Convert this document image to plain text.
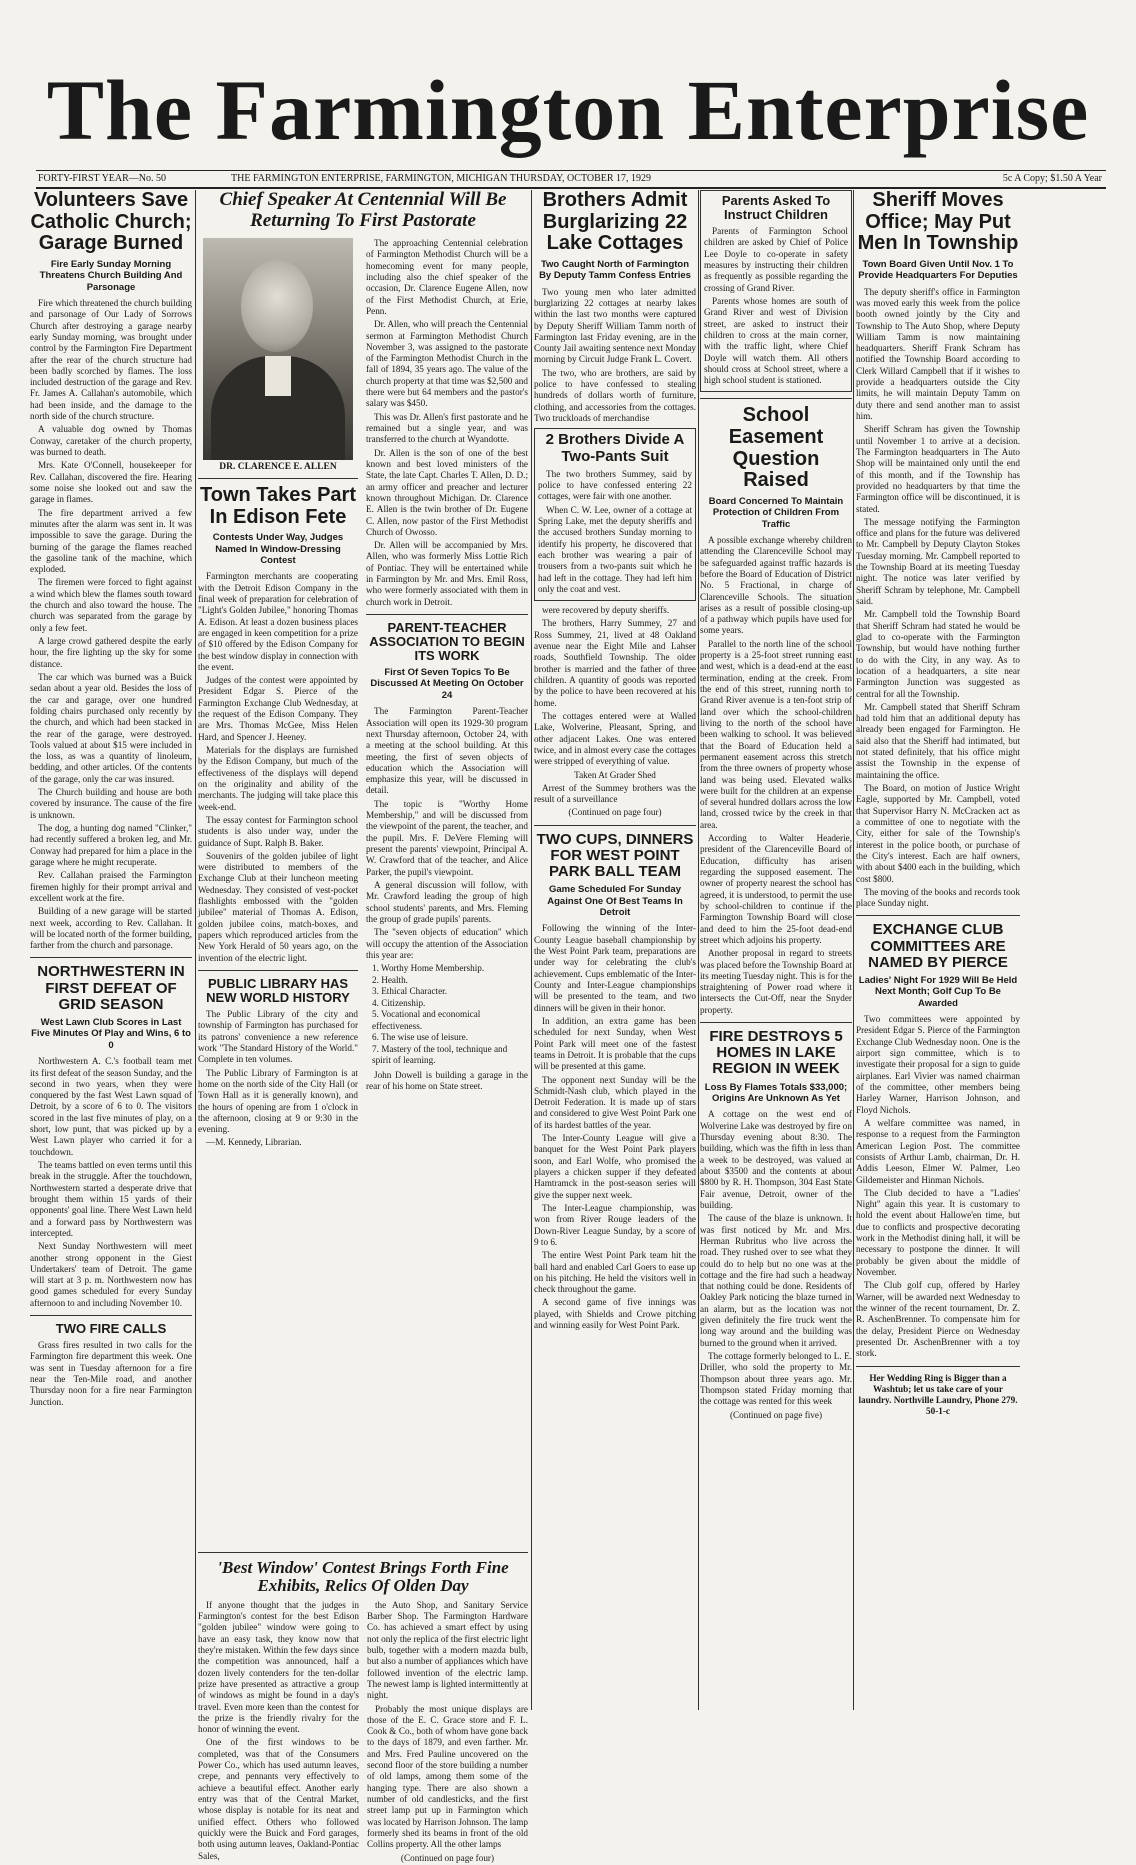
The Farmington Enterprise
FORTY-FIRST YEAR—No. 50	THE FARMINGTON ENTERPRISE, FARMINGTON, MICHIGAN THURSDAY, OCTOBER 17, 1929	5c A Copy; $1.50 A Year
Volunteers Save Catholic Church; Garage Burned
Fire Early Sunday Morning Threatens Church Building And Parsonage

Fire which threatened the church building and parsonage of Our Lady of Sorrows Church after destroying a garage nearby early Sunday morning, was brought under control by the Farmington Fire Department after the rear of the church structure had been badly scorched by flames. The loss included destruction of the garage and Rev. Fr. James A. Callahan's automobile, which had been inside, and the damage to the north side of the church structure.

A valuable dog owned by Thomas Conway, caretaker of the church property, was burned to death.

Mrs. Kate O'Connell, housekeeper for Rev. Callahan, discovered the fire. Hearing some noise she looked out and saw the garage in flames.

The fire department arrived a few minutes after the alarm was sent in. It was impossible to save the garage. During the burning of the garage the flames reached the gasoline tank of the machine, which exploded.

The firemen were forced to fight against a wind which blew the flames south toward the church and also toward the house. The church was separated from the garage by only a few feet.

A large crowd gathered despite the early hour, the fire lighting up the sky for some distance.

The car which was burned was a Buick sedan about a year old. Besides the loss of the car and garage, over one hundred folding chairs purchased only recently by the church, and which had been stacked in the rear of the garage, were destroyed. Tools valued at about $15 were included in the loss, as was a quantity of linoleum, bedding, and other articles. Of the contents of the garage, only the car was insured.

The Church building and house are both covered by insurance. The cause of the fire is unknown.

The dog, a hunting dog named "Clinker," had recently suffered a broken leg, and Mr. Conway had prepared for him a place in the garage where he might recuperate.

Rev. Callahan praised the Farmington firemen highly for their prompt arrival and excellent work at the fire.

Building of a new garage will be started next week, according to Rev. Callahan. It will be located north of the former building, farther from the church and parsonage.

NORTHWESTERN IN FIRST DEFEAT OF GRID SEASON
West Lawn Club Scores in Last Five Minutes Of Play and Wins, 6 to 0

Northwestern A. C.'s football team met its first defeat of the season Sunday, and the second in two years, when they were conquered by the fast West Lawn squad of Detroit, by a score of 6 to 0. The visitors scored in the last five minutes of play, on a short, low punt, that was picked up by a West Lawn player who carried it for a touchdown.

The teams battled on even terms until this break in the struggle. After the touchdown, Northwestern started a desperate drive that brought them within 15 yards of their opponents' goal line. There West Lawn held and a forward pass by Northwestern was intercepted.

Next Sunday Northwestern will meet another strong opponent in the Giest Undertakers' team of Detroit. The game will start at 3 p. m. Northwestern now has good games scheduled for every Sunday afternoon to and including November 10.

TWO FIRE CALLS

Grass fires resulted in two calls for the Farmington fire department this week. One was sent in Tuesday afternoon for a fire near the Ten-Mile road, and another Thursday noon for a fire near Farmington Junction.

Chief Speaker At Centennial Will Be Returning To First Pastorate
DR. CLARENCE E. ALLEN
Town Takes Part In Edison Fete
Contests Under Way, Judges Named In Window-Dressing Contest

Farmington merchants are cooperating with the Detroit Edison Company in the final week of preparation for celebration of "Light's Golden Jubilee," honoring Thomas A. Edison. At least a dozen business places are engaged in keen competition for a prize of $10 offered by the Edison Company for the best window display in connection with the event.

Judges of the contest were appointed by President Edgar S. Pierce of the Farmington Exchange Club Wednesday, at the request of the Edison Company. They are Mrs. Thomas McGee, Miss Helen Hard, and Spencer J. Heeney.

Materials for the displays are furnished by the Edison Company, but much of the effectiveness of the displays will depend on the originality and ability of the merchants. The judging will take place this week-end.

The essay contest for Farmington school students is also under way, under the guidance of Supt. Ralph B. Baker.

Souvenirs of the golden jubilee of light were distributed to members of the Exchange Club at their luncheon meeting Wednesday. They consisted of vest-pocket flashlights embossed with the "golden jubilee" material of Thomas A. Edison, golden jubilee coins, match-boxes, and papers which reproduced articles from the New York Herald of 50 years ago, on the invention of the electric light.

PUBLIC LIBRARY HAS NEW WORLD HISTORY

The Public Library of the city and township of Farmington has purchased for its patrons' convenience a new reference work "The Standard History of the World." Complete in ten volumes.

The Public Library of Farmington is at home on the north side of the City Hall (or Town Hall as it is generally known), and the hours of opening are from 1 o'clock in the afternoon, closing at 9 or 9:30 in the evening.

—M. Kennedy, Librarian.

The approaching Centennial celebration of Farmington Methodist Church will be a homecoming event for many people, including also the chief speaker of the occasion, Dr. Clarence Eugene Allen, now of the First Methodist Church, at Erie, Penn.

Dr. Allen, who will preach the Centennial sermon at Farmington Methodist Church November 3, was assigned to the pastorate of the Farmington Methodist Church in the fall of 1894, 35 years ago. The value of the church property at that time was $2,500 and there were but 64 members and the pastor's salary was $450.

This was Dr. Allen's first pastorate and he remained but a single year, and was transferred to the church at Wyandotte.

Dr. Allen is the son of one of the best known and best loved ministers of the State, the late Capt. Charles T. Allen, D. D.; an army officer and preacher and lecturer known throughout Michigan. Dr. Clarence E. Allen is the twin brother of Dr. Eugene C. Allen, now pastor of the First Methodist Church of Owosso.

Dr. Allen will be accompanied by Mrs. Allen, who was formerly Miss Lottie Rich of Pontiac. They will be entertained while in Farmington by Mr. and Mrs. Emil Ross, who were formerly associated with them in church work in Detroit.

PARENT-TEACHER ASSOCIATION TO BEGIN ITS WORK
First Of Seven Topics To Be Discussed At Meeting On October 24

The Farmington Parent-Teacher Association will open its 1929-30 program next Thursday afternoon, October 24, with a meeting at the school building. At this meeting, the first of seven objects of education which the Association will emphasize this year, will be discussed in detail.

The topic is "Worthy Home Membership," and will be discussed from the viewpoint of the parent, the teacher, and the pupil. Mrs. F. DeVere Fleming will present the parents' viewpoint, Principal A. W. Crawford that of the teacher, and Alice Parker, the pupil's viewpoint.

A general discussion will follow, with Mr. Crawford leading the group of high school students' parents, and Mrs. Fleming the group of grade pupils' parents.

The "seven objects of education" which will occupy the attention of the Association this year are:

1. Worthy Home Membership.
2. Health.
3. Ethical Character.
4. Citizenship.
5. Vocational and economical effectiveness.
6. The wise use of leisure.
7. Mastery of the tool, technique and spirit of learning.

John Dowell is building a garage in the rear of his home on State street.

'Best Window' Contest Brings Forth Fine Exhibits, Relics Of Olden Day

If anyone thought that the judges in Farmington's contest for the best Edison "golden jubilee" window were going to have an easy task, they know now that they're mistaken. Within the few days since the competition was announced, half a dozen lively contenders for the ten-dollar prize have presented as attractive a group of windows as might be found in a day's travel. Even more keen than the contest for the prize is the friendly rivalry for the honor of winning the event.

One of the first windows to be completed, was that of the Consumers Power Co., which has used autumn leaves, crepe, and pennants very effectively to achieve a beautiful effect. Another early entry was that of the Central Market, whose display is notable for its neat and unified effect. Others who followed quickly were the Buick and Ford garages, both using autumn leaves, Oakland-Pontiac Sales,

the Auto Shop, and Sanitary Service Barber Shop. The Farmington Hardware Co. has achieved a smart effect by using not only the replica of the first electric light bulb, together with a modern mazda bulb, but also a number of appliances which have followed invention of the electric lamp. The newest lamp is lighted intermittently at night.

Probably the most unique displays are those of the E. C. Grace store and F. L. Cook & Co., both of whom have gone back to the days of 1879, and even farther. Mr. and Mrs. Fred Pauline uncovered on the second floor of the store building a number of old lamps, among them some of the hanging type. There are also shown a number of old candlesticks, and the first street lamp put up in Farmington which was located by Harrison Johnson. The lamp formerly shed its beams in front of the old Collins property. All the other lamps

(Continued on page four)

Brothers Admit Burglarizing 22 Lake Cottages
Two Caught North of Farmington By Deputy Tamm Confess Entries

Two young men who later admitted burglarizing 22 cottages at nearby lakes within the last two months were captured by Deputy Sheriff William Tamm north of Farmington last Friday evening, are in the County Jail awaiting sentence next Monday morning by Circuit Judge Frank L. Covert.

The two, who are brothers, are said by police to have confessed to stealing hundreds of dollars worth of furniture, clothing, and accessories from the cottages. Two truckloads of merchandise

2 Brothers Divide A Two-Pants Suit

The two brothers Summey, said by police to have confessed entering 22 cottages, were fair with one another.

When C. W. Lee, owner of a cottage at Spring Lake, met the deputy sheriffs and the accused brothers Sunday morning to identify his property, he discovered that each brother was wearing a pair of trousers from a two-pants suit which he had left in the cottage. They had left him only the coat and vest.

were recovered by deputy sheriffs.

The brothers, Harry Summey, 27 and Ross Summey, 21, lived at 48 Oakland avenue near the Eight Mile and Lahser roads, Southfield Township. The older brother is married and the father of three children. A quantity of goods was reported by the police to have been recovered at his home.

The cottages entered were at Walled Lake, Wolverine, Pleasant, Spring, and other adjacent Lakes. One was entered twice, and in almost every case the cottages were stripped of everything of value.

Taken At Grader Shed

Arrest of the Summey brothers was the result of a surveillance

(Continued on page four)

TWO CUPS, DINNERS FOR WEST POINT PARK BALL TEAM
Game Scheduled For Sunday Against One Of Best Teams In Detroit

Following the winning of the Inter-County League baseball championship by the West Point Park team, preparations are under way for celebrating the club's achievement. Cups emblematic of the Inter-County and Inter-League championships will be presented to the team, and two dinners will be given in their honor.

In addition, an extra game has been scheduled for next Sunday, when West Point Park will meet one of the fastest teams in Detroit. It is probable that the cups will be presented at this game.

The opponent next Sunday will be the Schmidt-Nash club, which played in the Detroit Federation. It is made up of stars and considered to give West Point Park one of its hardest battles of the year.

The Inter-County League will give a banquet for the West Point Park players soon, and Earl Wolfe, who promised the players a chicken supper if they defeated Hamtramck in the post-season series will give the supper next week.

The Inter-League championship, was won from River Rouge leaders of the Down-River League Sunday, by a score of 9 to 6.

The entire West Point Park team hit the ball hard and enabled Carl Goers to ease up on his pitching. He held the visitors well in check throughout the game.

A second game of five innings was played, with Shields and Crowe pitching and winning easily for West Point Park.

Parents Asked To Instruct Children

Parents of Farmington School children are asked by Chief of Police Lee Doyle to co-operate in safety measures by instructing their children as frequently as possible regarding the crossing of Grand River.

Parents whose homes are south of Grand River and west of Division street, are asked to instruct their children to cross at the main corner, with the traffic light, where Chief Doyle will watch them. All others should cross at School street, where a high school student is stationed.

School Easement Question Raised
Board Concerned To Maintain Protection of Children From Traffic

A possible exchange whereby children attending the Clarenceville School may be safeguarded against traffic hazards is before the Board of Education of District No. 5 Fractional, in charge of Clarenceville Schools. The situation arises as a result of possible closing-up of a pathway which pupils have used for some years.

Parallel to the north line of the school property is a 25-foot street running east and west, which is a dead-end at the east termination, ending at the creek. From the end of this street, running north to Grand River avenue is a ten-foot strip of land over which the school-children living to the north of the school have been walking to school. It was believed that the Board of Education held a permanent easement across this stretch from the three owners of property whose land was being used. Elevated walks were built for the children at an expense of several hundred dollars across the low land, crossed twice by the creek in that area.

According to Walter Headerie, president of the Clarenceville Board of Education, difficulty has arisen regarding the supposed easement. The owner of property nearest the school has agreed, it is understood, to permit the use by school-children to continue if the Farmington Township Board will close and deed to him the 25-foot dead-end street which adjoins his property.

Another proposal in regard to streets was placed before the Township Board at its meeting Tuesday night. This is for the straightening of Power road where it intersects the Cut-Off, near the Snyder property.

FIRE DESTROYS 5 HOMES IN LAKE REGION IN WEEK
Loss By Flames Totals $33,000; Origins Are Unknown As Yet

A cottage on the west end of Wolverine Lake was destroyed by fire on Thursday evening about 8:30. The building, which was the fifth in less than a week to be destroyed, was valued at about $3500 and the contents at about $800 by R. H. Thompson, 304 East State Fair avenue, Detroit, owner of the building.

The cause of the blaze is unknown. It was first noticed by Mr. and Mrs. Herman Rubritus who live across the road. They rushed over to see what they could do to help but no one was at the cottage and the fire had such a headway that nothing could be done. Residents of Oakley Park noticing the blaze turned in an alarm, but as the location was not given definitely the fire truck went the long way around and the building was burned to the ground when it arrived.

The cottage formerly belonged to L. E. Driller, who sold the property to Mr. Thompson about three years ago. Mr. Thompson stated Friday morning that the cottage was rented for this week

(Continued on page five)

Sheriff Moves Office; May Put Men In Township
Town Board Given Until Nov. 1 To Provide Headquarters For Deputies

The deputy sheriff's office in Farmington was moved early this week from the police booth owned jointly by the City and Township to The Auto Shop, where Deputy William Tamm is now maintaining headquarters. Sheriff Frank Schram has notified the Township Board according to Clerk Willard Campbell that if it wishes to provide a headquarters outside the City limits, he will maintain Deputy Tamm on duty there and send another man to assist him.

Sheriff Schram has given the Township until November 1 to arrive at a decision. The Farmington headquarters in The Auto Shop will be maintained only until the end of this month, and if the Township has provided no headquarters by that time the Farmington office will be discontinued, it is stated.

The message notifying the Farmington office and plans for the future was delivered to Mr. Campbell by Deputy Clayton Stokes Tuesday morning. Mr. Campbell reported to the Township Board at its meeting Tuesday night. The notice was later verified by Sheriff Schram by telephone, Mr. Campbell said.

Mr. Campbell told the Township Board that Sheriff Schram had stated he would be glad to co-operate with the Farmington Township, but would have nothing further to do with the City, in any way. As to location of a headquarters, a site near Farmington Junction was suggested as central for all the Township.

Mr. Campbell stated that Sheriff Schram had told him that an additional deputy has already been engaged for Farmington. He said also that the Sheriff had intimated, but not stated definitely, that his office might assist the Township in the expense of maintaining the office.

The Board, on motion of Justice Wright Eagle, supported by Mr. Campbell, voted that Supervisor Harry N. McCracken act as a committee of one to negotiate with the City, either for sale of the Township's interest in the police booth, or purchase of the City's interest. Each are half owners, with about $400 each in the building, which cost $800.

The moving of the books and records took place Sunday night.

EXCHANGE CLUB COMMITTEES ARE NAMED BY PIERCE
Ladies' Night For 1929 Will Be Held Next Month; Golf Cup To Be Awarded

Two committees were appointed by President Edgar S. Pierce of the Farmington Exchange Club Wednesday noon. One is the airport sign committee, which is to investigate their proposal for a sign to guide airplanes. Earl Vivier was named chairman of the committee, other members being Harley Warner, Harrison Johnson, and Floyd Nichols.

A welfare committee was named, in response to a request from the Farmington American Legion Post. The committee consists of Arthur Lamb, chairman, Dr. H. Addis Leeson, Elmer W. Palmer, Leo Gildemeister and Hinman Nichols.

The Club decided to have a "Ladies' Night" again this year. It is customary to hold the event about Hallowe'en time, but due to conflicts and prospective decorating work in the Methodist dining hall, it will be necessary to postpone the dinner. It will probably be given about the middle of November.

The Club golf cup, offered by Harley Warner, will be awarded next Wednesday to the winner of the recent tournament, Dr. Z. R. AschenBrenner. To compensate him for the delay, President Pierce on Wednesday presented Dr. AschenBrenner with a toy stork.

Her Wedding Ring is Bigger than a Washtub; let us take care of your laundry. Northville Laundry, Phone 279. 50-1-c
